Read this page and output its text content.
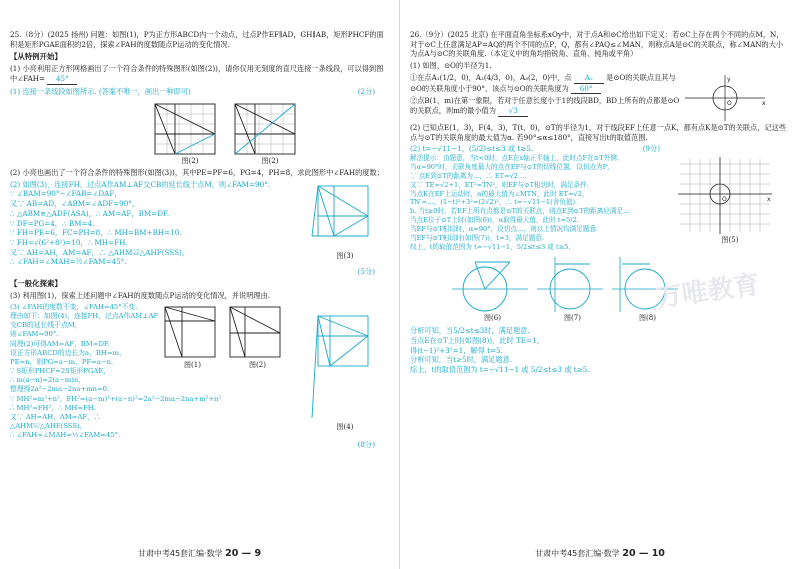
25.（8分）(2025 扬州) 问题：如图(1)，P为正方形ABCD内一个动点，过点P作EF∥AD，GH∥AB，矩形PHCF的面积是矩形PGAE面积的2倍，探索∠FAH的度数随点P运动的变化情况.
【从特例开始】
(1) 小亮利用正方形网格画出了一个符合条件的特殊图形(如图(2))，请你仅用无刻度的直尺连接一条线段，可以得到图中∠FAH= 45°
(1) 连接一条线段如图所示. (答案不唯一，画出一种即可)	(2分)
图(2)	图(2)
(2) 小亮也画出了一个符合条件的特殊图形(如图(3))，其中PE=PF=6，PG=4，PH=8，求此图形中∠FAH的度数；
(2) 如图(3)，连接FH，过点A作AM⊥AF交CB的延长线于点M，则∠FAM=90°.
∵ ∠BAM=90°−∠FAB=∠DAF，
又∵ AB=AD，∠ABM=∠ADF=90°，
∴ △ABM≌△ADF(ASA)，∴ AM=AF，BM=DF.
∵ DF=PG=4，∴ BM=4.
∵ FH=PE=6，FC=PH=8，∴ MH=BM+BH=10.
∵ FH=√(6²+8²)=10，∴ MH=FH.
又∵ AH=AH，AM=AF，∴ △AHM≌△AHF(SSS)，
∴ ∠FAH=∠MAH=½∠FAM=45°.
图(3)
(5分)
【一般化探索】
(3) 利用图(1)，探索上述问题中∠FAH的度数随点P运动的变化情况，并说明理由.
(3) ∠FAH的度数不变，∠FAH=45°不变.
理由如下：如图(4)，连接FH，过点A作AM⊥AF交CB的延长线于点M，
则∠FAM=90°.
同理(2)可得AM=AF，BM=DF.
设正方形ABCD的边长为a，BH=m，
PE=n，则PG=a−m，PF=a−n.
∵ S矩形PHCF=2S矩形PGAE，
∴ m(a−n)=2(a−m)n，
整理得2a²−2ma−2na+mn=0.
∵ MH²=m²+n²，FH²=(a−m)²+(a−n)²=2a²−2ma−2na+m²+n²
∴ MH²=FH²，∴ MH=FH.
又∵ AH=AH，AM=AF，∴ △AHM≌△AHF(SSS)，
∴ ∠FAH=∠MAH=½∠FAM=45°.
图(1)	图(2)
图(4)
(8分)
甘肃中考45套汇编·数学 20 — 9
26.（9分）(2025 北京) 在平面直角坐标系xOy中，对于点A和⊙C给出如下定义：若⊙C上存在两个不同的点M，N，对于⊙C上任意满足AP=AQ的两个不同的点P，Q，都有∠PAQ≤∠MAN，则称点A是⊙C的关联点，称∠MAN的大小为点A与⊙C的关联角度.（本定义中的角均指锐角、直角、钝角或平角）
(1) 如图，⊙O的半径为1.
①在点A₁(1/2，0)，A₂(4/3，0)，A₃(2，0)中，点 A₂ 是⊙O的关联点且其与⊙O的关联角度小于90°，该点与⊙O的关联角度为 60°
②点B(1，m)在第一象限，若对于任意长度小于1的线段BD，BD上所有的点都是⊙O的关联点，则m的最小值为 √3
O	x
y
(2) 已知点E(1，3)，F(4，3)，T(t，0)，⊙T的半径为1，对于线段EF上任意一点K，都有点K是⊙T的关联点，记这些点与⊙T的关联角度的最大值为α. 若90°≤α≤180°，直接写出t的取值范围.
(2) t=−√11−1，(5/2)≤t≤3 或 t≥5.	(9分)
解法提示：由题意，当t<0时，点E在x轴正半轴上，此时点F在⊙T外侧.
当α=90°时，关联角度最大的点在EF与⊙T的切线位置，设切点为P，
∵ 点E到⊙T的距离为…，∴ ET=√2 …
又∵ TE=√2+1，ET²=TN²，则EF与⊙T相切时，满足条件.
当点K在EF上运动时，α的最大值为∠MTN，此时 ET=√2，
TN′=…，(1−t)²+3²=(2√2)²，∴ t=−√11−1(舍负值).
b. 当t≥0时，若EF上所有点都是⊙T的关联点，则点E到⊙T的距离应满足…
当点E位于⊙T上时(如图(6))，α取得最大值，此时 t=5/2.
当EF与⊙T相切时，α=90°，设切点…，则以上情况均满足题意.
当EF与⊙T相切时(如图(7))，t=3，满足题意.
综上，t的取值范围为 t=−√11−1，5/2≤t≤3 或 t≥5.
O	x
图(5)
图(6)	图(7)	图(8)
分析可知，当5/2≤t≤3时，满足题意.
当点E在⊙T上时(如图(8))，此时 TE=1，
得(t−1)²+3²=1，解得 t=5.
分析可知，当t≥5时，满足题意.
综上，t的取值范围为 t=−√11−1 或 5/2≤t≤3 或 t≥5.
甘肃中考45套汇编·数学 20 — 10
万唯教育
